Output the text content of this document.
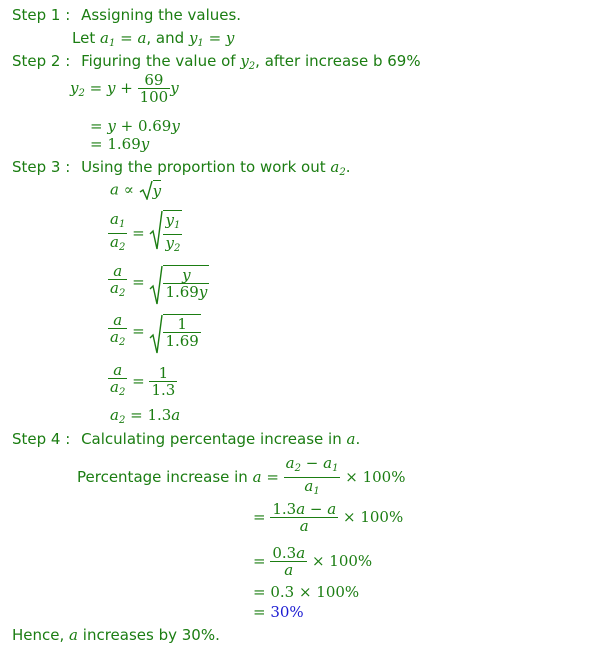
Step 1 : Assigning the values.
Let $a_1 = a$, and $y_1 = y$
Step 2 : Figuring the value of $y_2$, after increase b 69%
$y_2 = y + \frac{69}{100}$ y
= y + 0.69y
= 1.69y
Step 3 : Using the proportion to work out $a_2$.
a ∝ y
$\frac{a_1}{a_2} = \frac{y_1}{y_2}$
$\frac{a}{a_2} = \frac{y}{1.69y}$
$\frac{a}{a_2} = \frac{1}{1.69}$
$\frac{a}{a_2} = \frac{1}{1.3}$
$a_2 = 1.3a$
Step 4 : Calculating percentage increase in a.
Percentage increase in $a = \frac{a_2 - a_1}{a_1} \times 100\%$
= $\frac{1.3a - a}{a} \times 100\%$
= $\frac{0.3a}{a} \times 100\%$
= 0.3 × 100%
= 30%
Hence, a increases by 30%.
